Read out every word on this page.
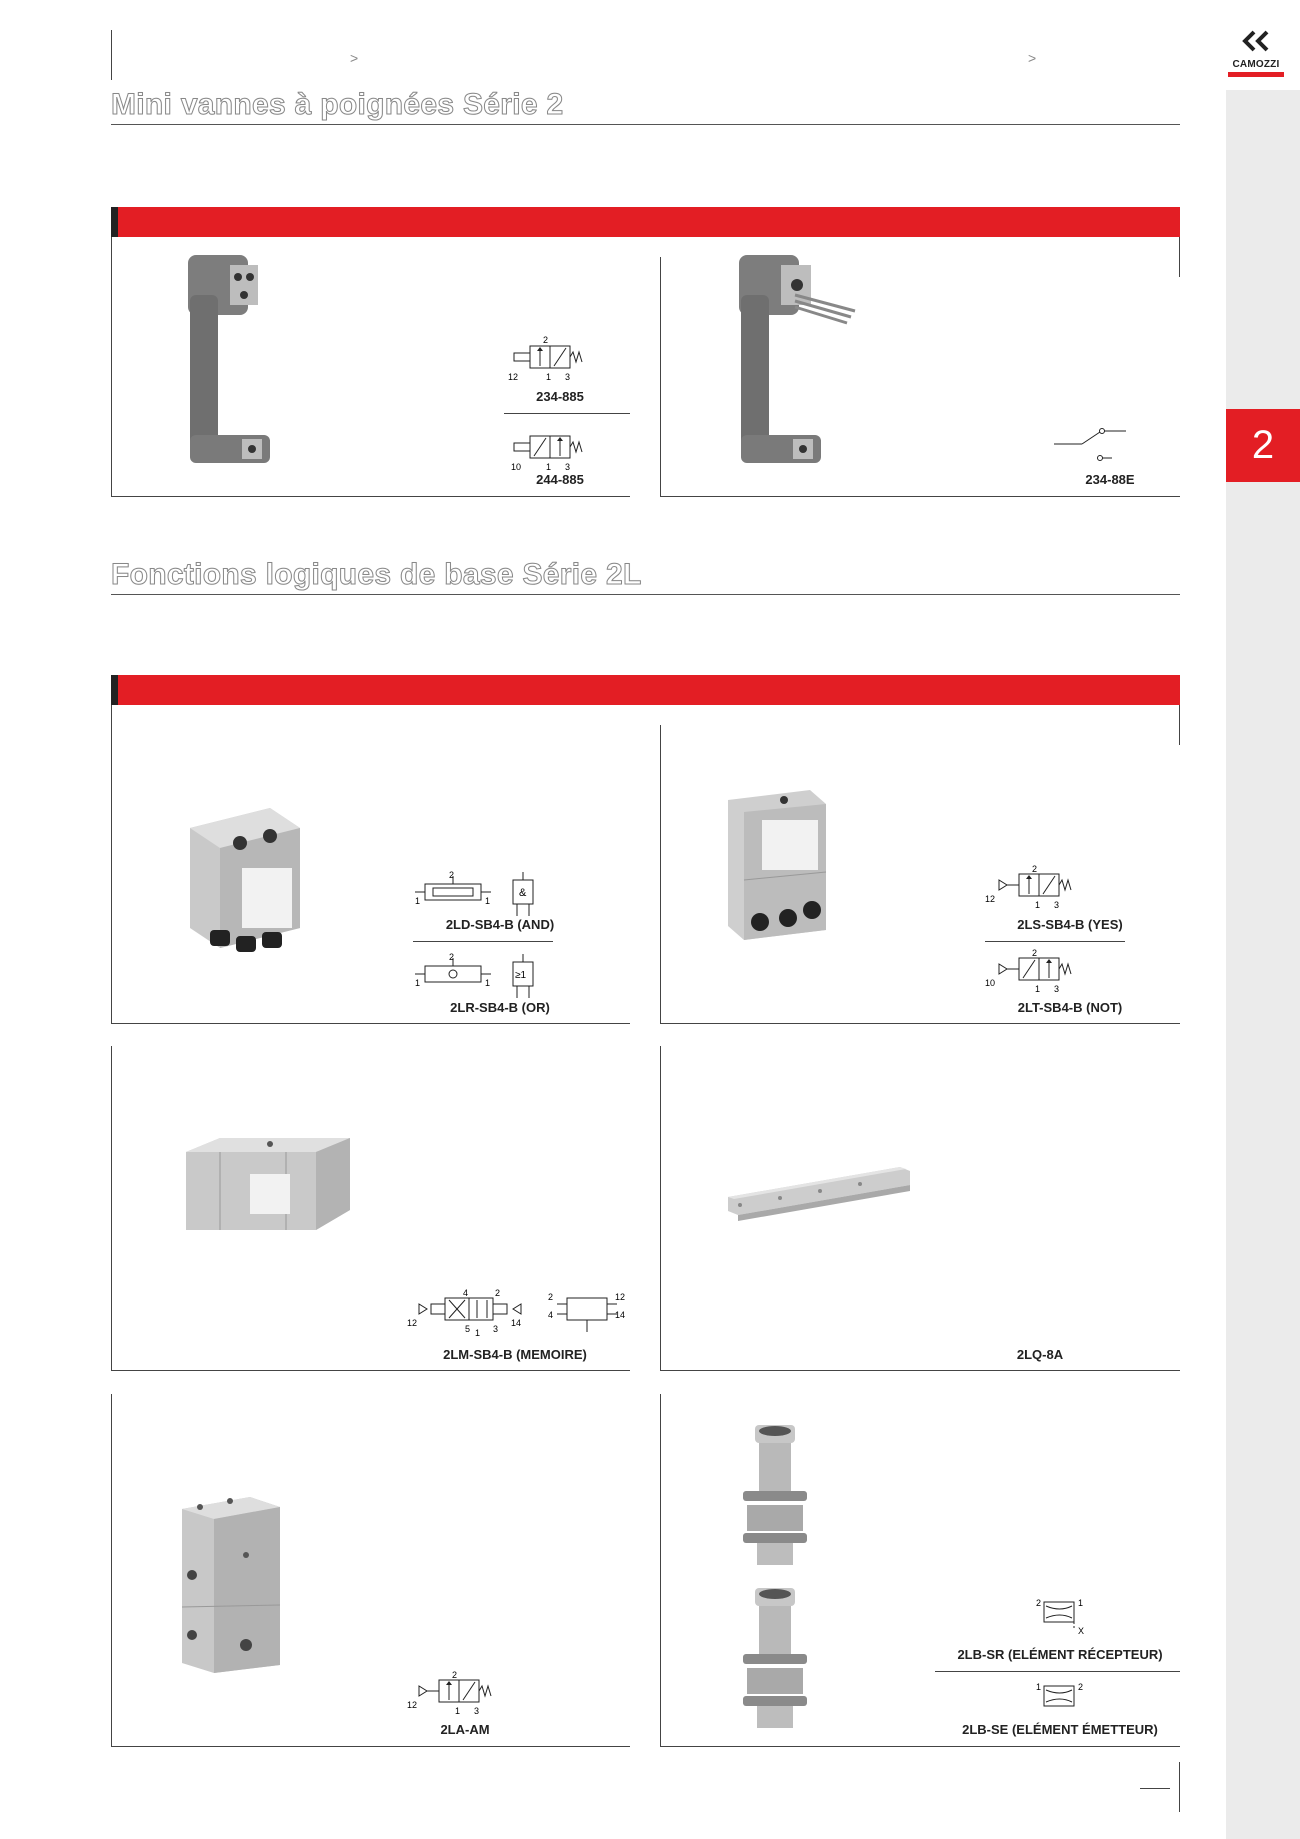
CAMOZZI
2
>	>
Mini vannes à poignées Série 2
2
12	1 3
234-885
10	1 3
244-885	234-88E
Fonctions logiques de base Série 2L
2
1	1
&
2LD-SB4-B (AND)
2
1	1
≥1
2LR-SB4-B (OR)
2
12
1 3
2LS-SB4-B (YES)
2
10
1 3
2LT-SB4-B (NOT)
4	2
12	14
5 1 3
2
4
12
14
2LM-SB4-B (MEMOIRE)	2LQ-8A
2
12
1 3
2LA-AM
2	1
X
2LB-SR (ELÉMENT RÉCEPTEUR)
1	2
2LB-SE (ELÉMENT ÉMETTEUR)
